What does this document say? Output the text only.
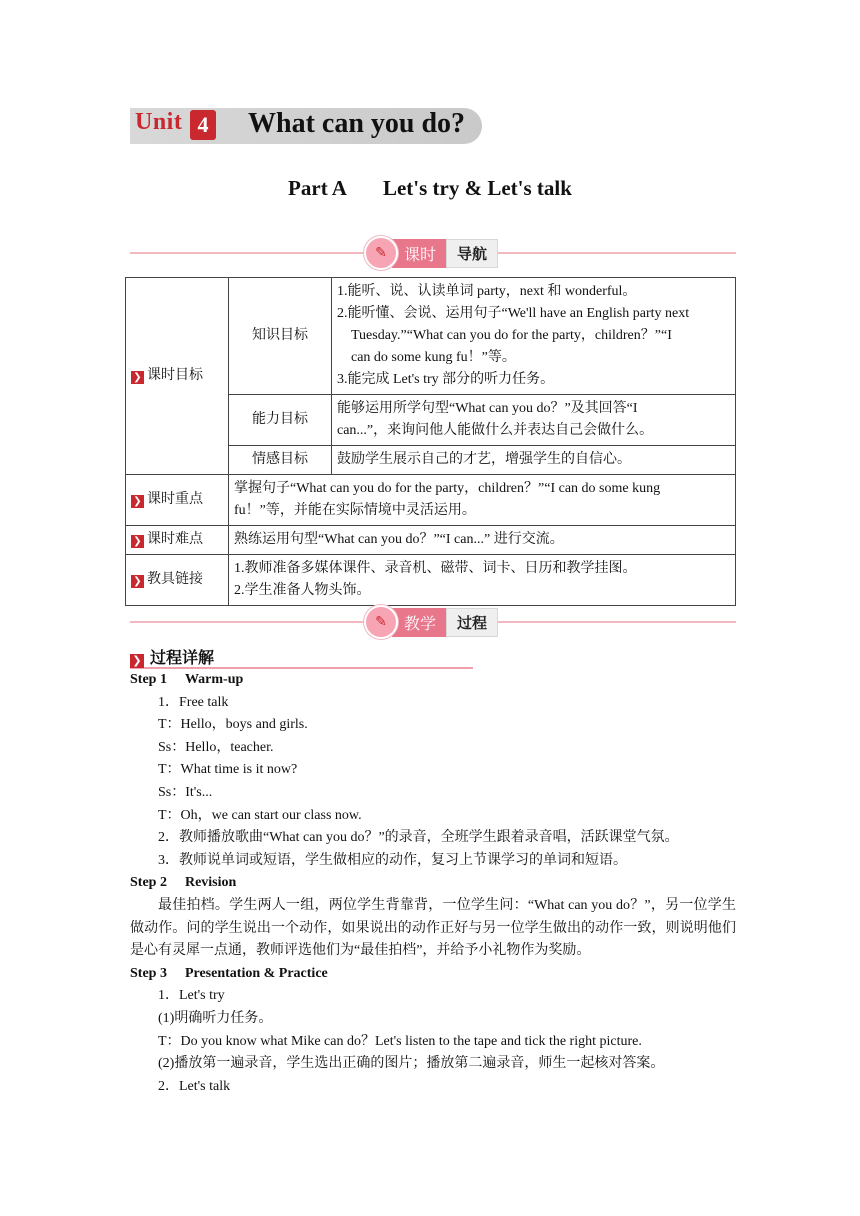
Unit 4 What can you do?
Part A Let's try & Let's talk
✎	课时	导航
❯ 课时目标	知识目标	1.能听、说、认读单词 party，next 和 wonderful。
2.能听懂、会说、运用句子“We'll have an English party next
Tuesday.”“What can you do for the party，children？”“I
can do some kung fu！”等。
3.能完成 Let's try 部分的听力任务。

	能力目标	能够运用所学句型“What can you do？”及其回答“I
can...”，来询问他人能做什么并表达自己会做什么。

	情感目标	鼓励学生展示自己的才艺，增强学生的自信心。
❯ 课时重点	掌握句子“What can you do for the party，children？”“I can do some kung
fu！”等，并能在实际情境中灵活运用。	

❯ 课时难点	熟练运用句型“What can you do？”“I can...” 进行交流。	
❯ 教具链接	1.教师准备多媒体课件、录音机、磁带、词卡、日历和教学挂图。
2.学生准备人物头饰。	
✎	教学	过程
❯ 过程详解

Step 1 Warm-up

1．Free talk

T：Hello，boys and girls.

Ss：Hello，teacher.

T：What time is it now?

Ss：It's...

T：Oh，we can start our class now.

2．教师播放歌曲“What can you do？”的录音，全班学生跟着录音唱，活跃课堂气氛。

3．教师说单词或短语，学生做相应的动作，复习上节课学习的单词和短语。

Step 2 Revision

最佳拍档。学生两人一组，两位学生背靠背，一位学生问：“What can you do？”，另一位学生做动作。问的学生说出一个动作，如果说出的动作正好与另一位学生做出的动作一致，则说明他们是心有灵犀一点通，教师评选他们为“最佳拍档”，并给予小礼物作为奖励。

Step 3 Presentation & Practice

1．Let's try

(1)明确听力任务。

T：Do you know what Mike can do？Let's listen to the tape and tick the right picture.

(2)播放第一遍录音，学生选出正确的图片；播放第二遍录音，师生一起核对答案。

2．Let's talk
